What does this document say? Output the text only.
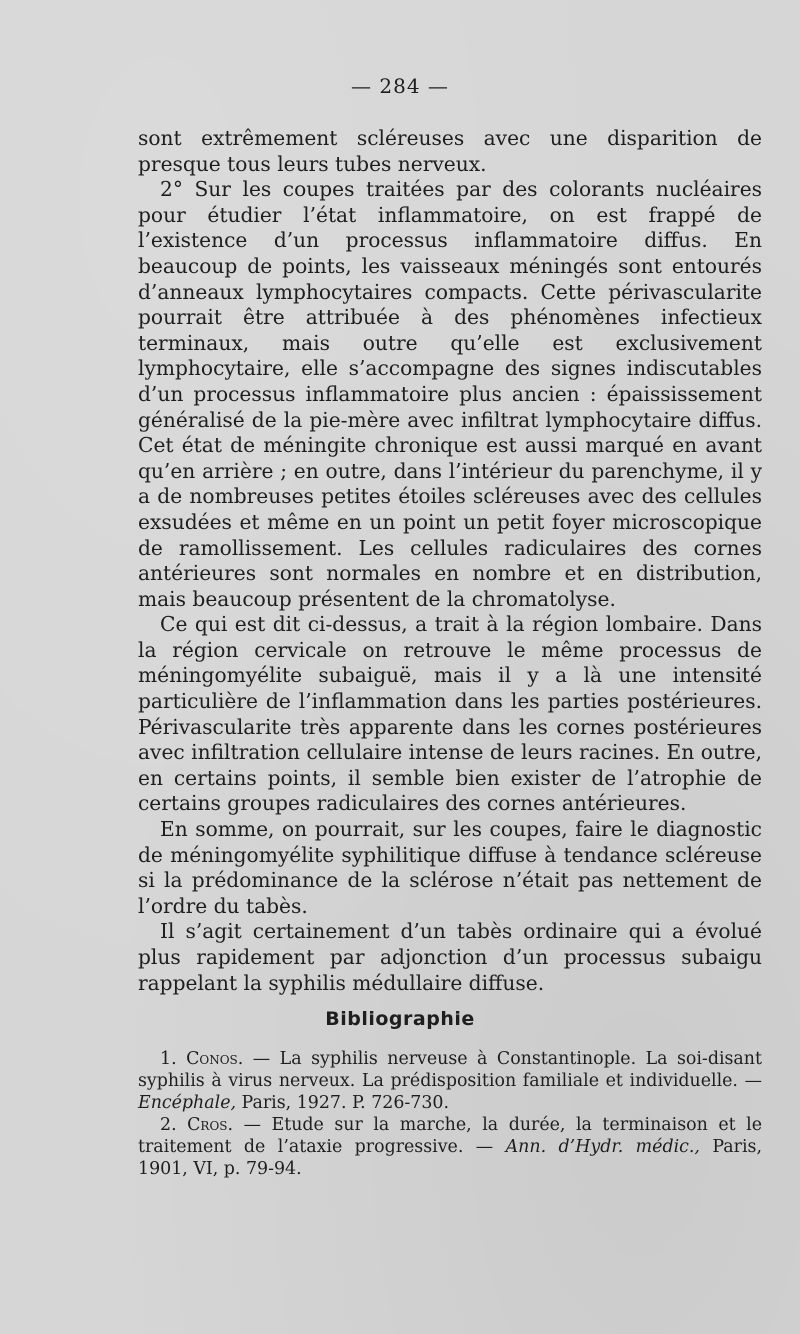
— 284 —

sont extrêmement scléreuses avec une disparition de presque tous leurs tubes nerveux.

2° Sur les coupes traitées par des colorants nucléaires pour étudier l’état inflammatoire, on est frappé de l’existence d’un processus inflammatoire diffus. En beaucoup de points, les vaisseaux méningés sont entourés d’anneaux lymphocytaires compacts. Cette périvascularite pourrait être attribuée à des phénomènes infectieux terminaux, mais outre qu’elle est exclusivement lymphocytaire, elle s’accompagne des signes indiscutables d’un processus inflammatoire plus ancien : épaississement généralisé de la pie-mère avec infiltrat lymphocytaire diffus. Cet état de méningite chronique est aussi marqué en avant qu’en arrière ; en outre, dans l’intérieur du parenchyme, il y a de nombreuses petites étoiles scléreuses avec des cellules exsudées et même en un point un petit foyer microscopique de ramollissement. Les cellules radiculaires des cornes antérieures sont normales en nombre et en distribution, mais beaucoup présentent de la chromatolyse.

Ce qui est dit ci-dessus, a trait à la région lombaire. Dans la région cervicale on retrouve le même processus de méningomyélite subaiguë, mais il y a là une intensité particulière de l’inflammation dans les parties postérieures. Périvascularite très apparente dans les cornes postérieures avec infiltration cellulaire intense de leurs racines. En outre, en certains points, il semble bien exister de l’atrophie de certains groupes radiculaires des cornes antérieures.

En somme, on pourrait, sur les coupes, faire le diagnostic de méningomyélite syphilitique diffuse à tendance scléreuse si la prédominance de la sclérose n’était pas nettement de l’ordre du tabès.

Il s’agit certainement d’un tabès ordinaire qui a évolué plus rapidement par adjonction d’un processus subaigu rappelant la syphilis médullaire diffuse.

Bibliographie

1. Conos. — La syphilis nerveuse à Constantinople. La soi-disant syphilis à virus nerveux. La prédisposition familiale et individuelle. — Encéphale, Paris, 1927. P. 726-730.

2. Cros. — Etude sur la marche, la durée, la terminaison et le traitement de l’ataxie progressive. — Ann. d’Hydr. médic., Paris, 1901, VI, p. 79-94.
